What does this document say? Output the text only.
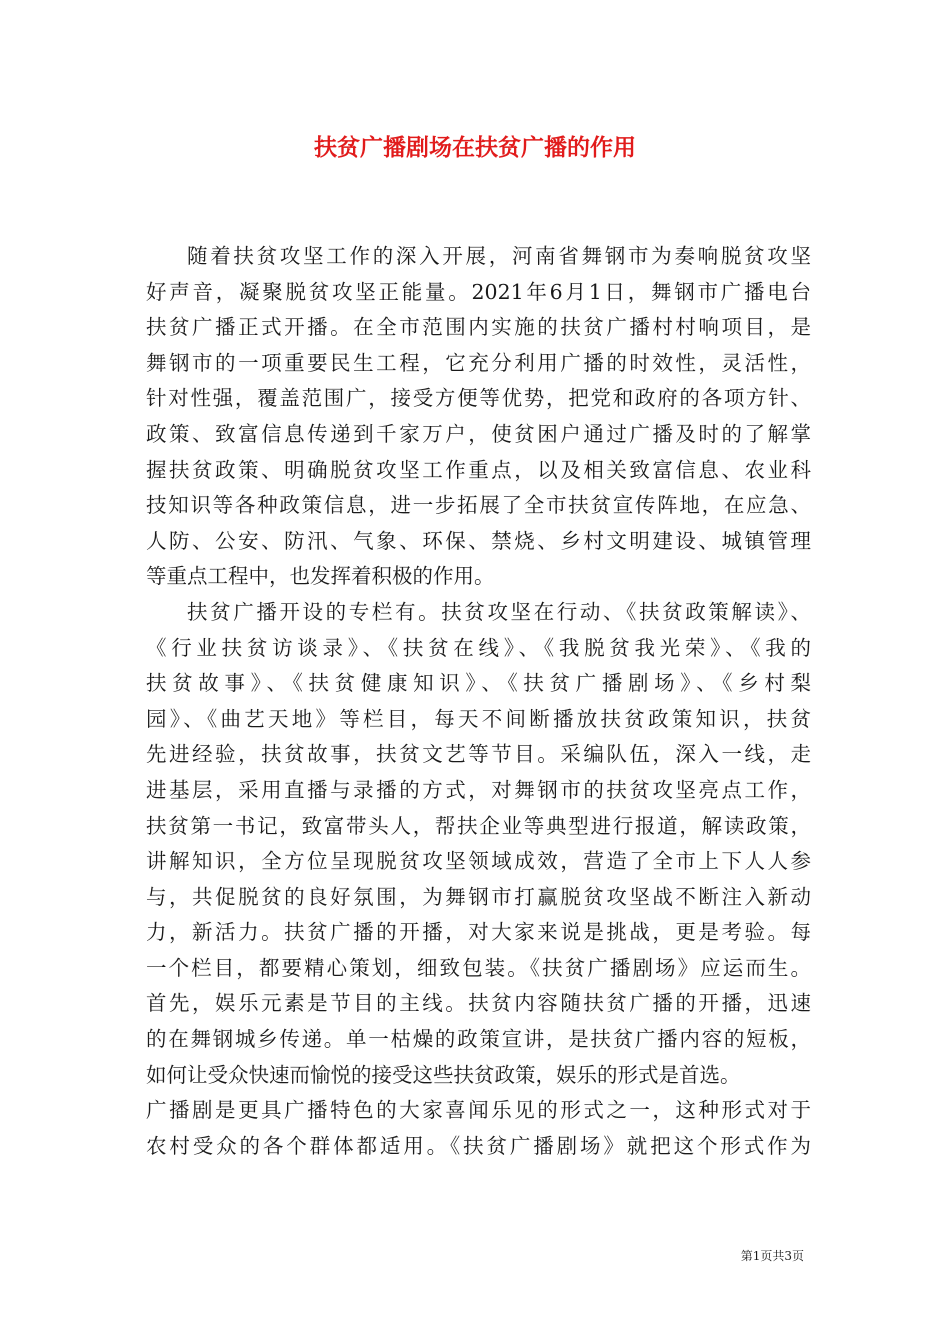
扶贫广播剧场在扶贫广播的作用

随着扶贫攻坚工作的深入开展，河南省舞钢市为奏响脱贫攻坚

好声音，凝聚脱贫攻坚正能量。2021年6月1日，舞钢市广播电台

扶贫广播正式开播。在全市范围内实施的扶贫广播村村响项目，是

舞钢市的一项重要民生工程，它充分利用广播的时效性，灵活性，

针对性强，覆盖范围广，接受方便等优势，把党和政府的各项方针、

政策、致富信息传递到千家万户，使贫困户通过广播及时的了解掌

握扶贫政策、明确脱贫攻坚工作重点，以及相关致富信息、农业科

技知识等各种政策信息，进一步拓展了全市扶贫宣传阵地，在应急、

人防、公安、防汛、气象、环保、禁烧、乡村文明建设、城镇管理

等重点工程中，也发挥着积极的作用。

扶贫广播开设的专栏有。扶贫攻坚在行动、《扶贫政策解读》、

《行业扶贫访谈录》、《扶贫在线》、《我脱贫我光荣》、《我的

扶贫故事》、《扶贫健康知识》、《扶贫广播剧场》、《乡村梨

园》、《曲艺天地》等栏目，每天不间断播放扶贫政策知识，扶贫

先进经验，扶贫故事，扶贫文艺等节目。采编队伍，深入一线，走

进基层，采用直播与录播的方式，对舞钢市的扶贫攻坚亮点工作，

扶贫第一书记，致富带头人，帮扶企业等典型进行报道，解读政策，

讲解知识，全方位呈现脱贫攻坚领域成效，营造了全市上下人人参

与，共促脱贫的良好氛围，为舞钢市打赢脱贫攻坚战不断注入新动

力，新活力。扶贫广播的开播，对大家来说是挑战，更是考验。每

一个栏目，都要精心策划，细致包装。《扶贫广播剧场》应运而生。

首先，娱乐元素是节目的主线。扶贫内容随扶贫广播的开播，迅速

的在舞钢城乡传递。单一枯燥的政策宣讲，是扶贫广播内容的短板，

如何让受众快速而愉悦的接受这些扶贫政策，娱乐的形式是首选。

广播剧是更具广播特色的大家喜闻乐见的形式之一，这种形式对于

农村受众的各个群体都适用。《扶贫广播剧场》就把这个形式作为

第1页共3页
